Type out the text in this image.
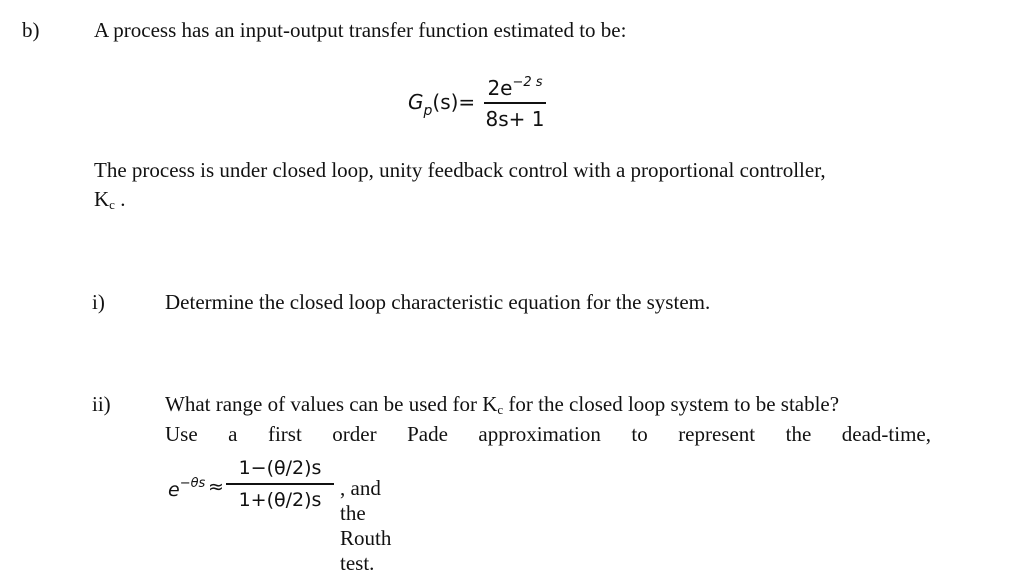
b)	A process has an input-output transfer function estimated to be:
$G_p(s)=$
$2e^{-2 s}$
8s+ 1
The process is under closed loop, unity feedback control with a proportional controller,
$K_c$ .
i)	Determine the closed loop characteristic equation for the system.
ii)	What range of values can be used for $K_c$ for the closed loop system to be stable?
Use a first order Pade approximation to represent the dead-time,
$e^{-\theta s}$ ≈
1−(θ/2)s
1+(θ/2)s , and the Routh test.
